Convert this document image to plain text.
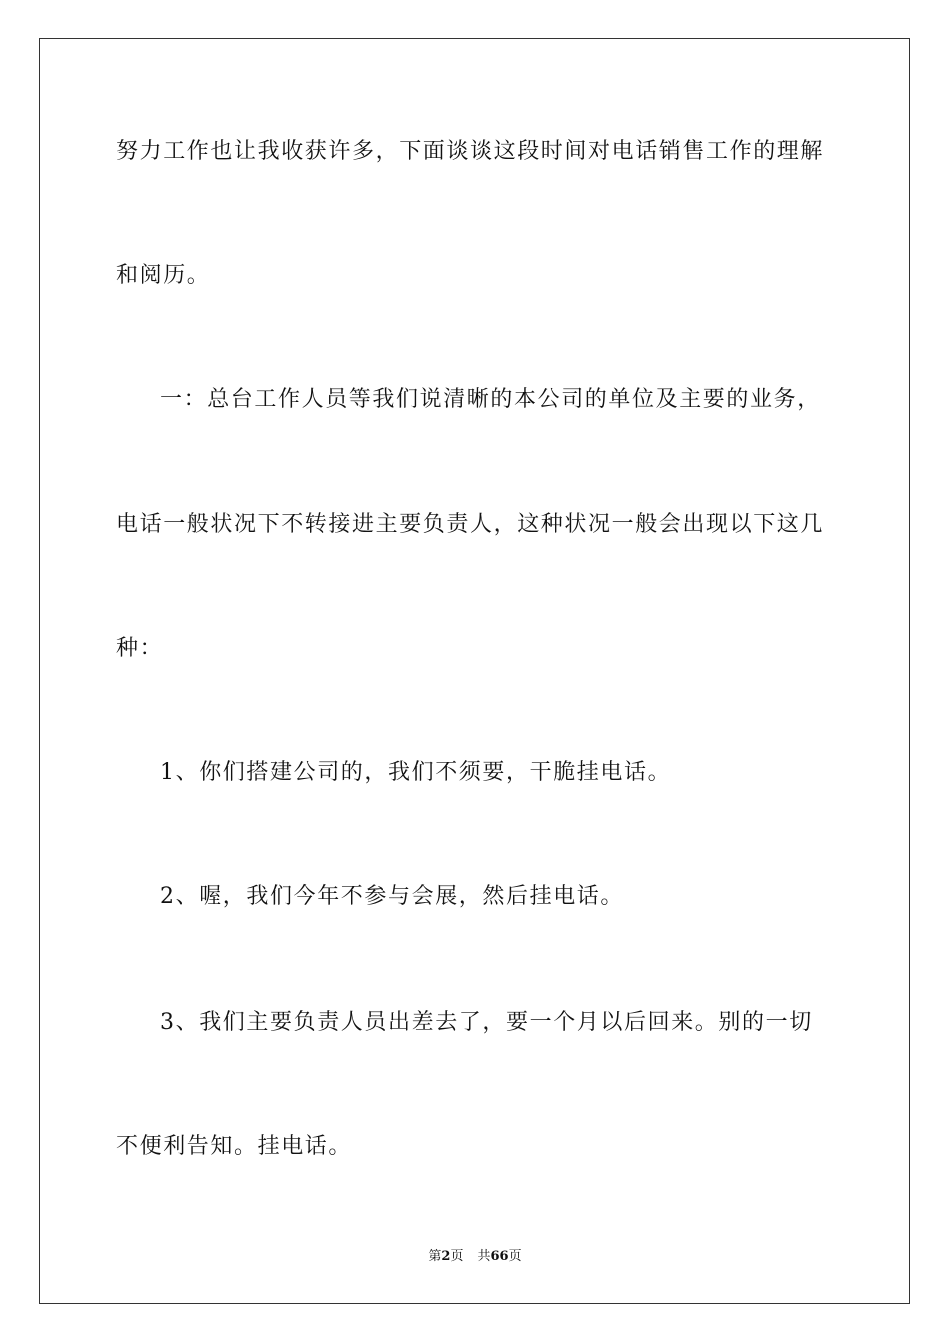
努力工作也让我收获许多，下面谈谈这段时间对电话销售工作的理解
和阅历。
一：总台工作人员等我们说清晰的本公司的单位及主要的业务，
电话一般状况下不转接进主要负责人，这种状况一般会出现以下这几
种：
1、你们搭建公司的，我们不须要，干脆挂电话。
2、喔，我们今年不参与会展，然后挂电话。
3、我们主要负责人员出差去了，要一个月以后回来。别的一切
不便利告知。挂电话。
第2页 共66页
